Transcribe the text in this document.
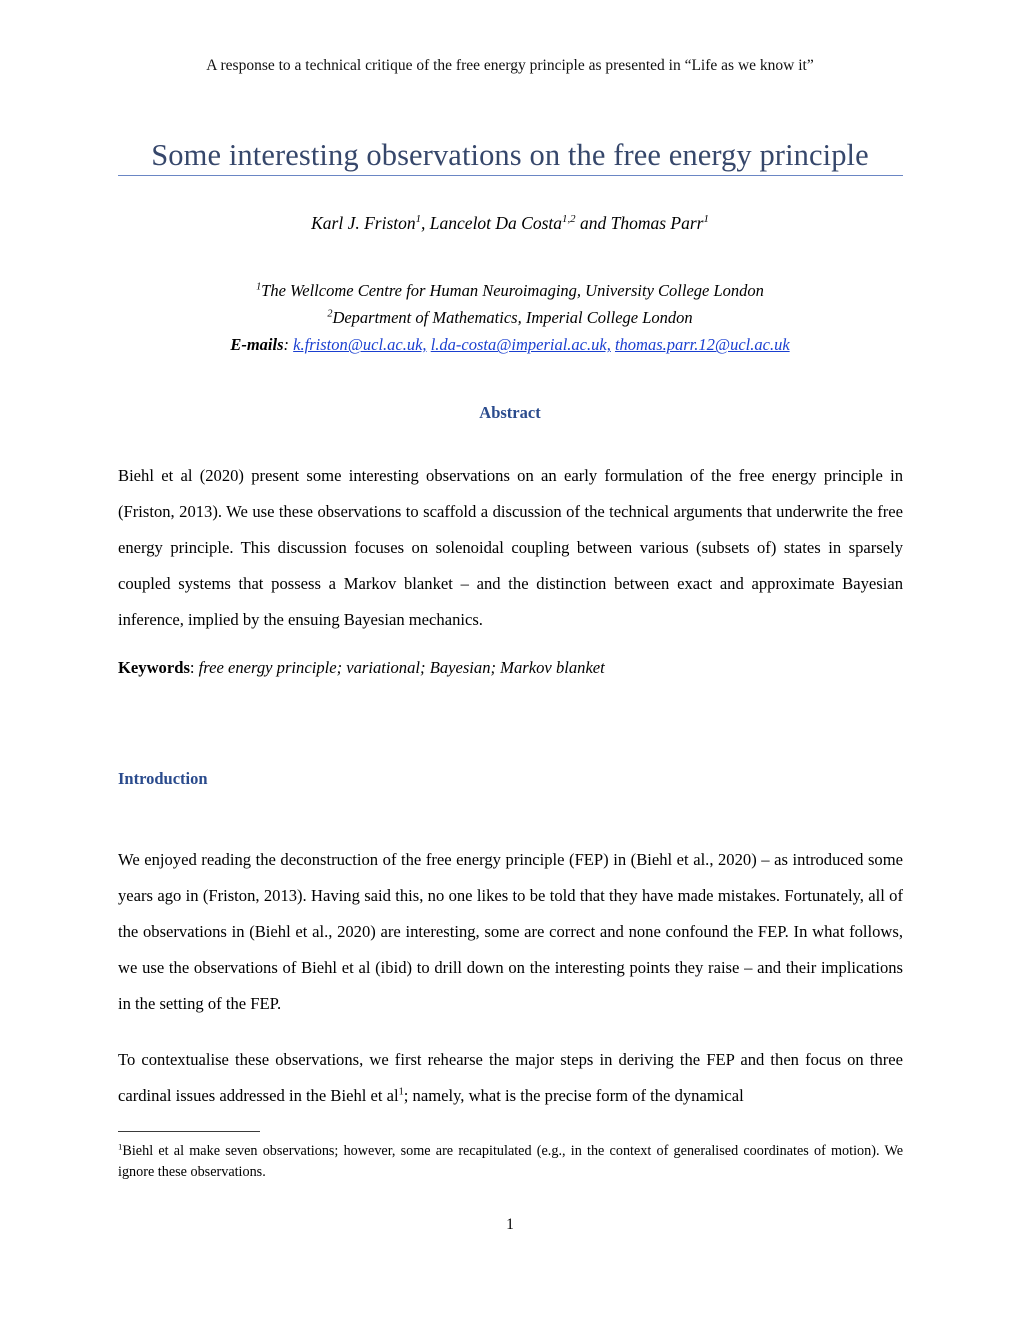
A response to a technical critique of the free energy principle as presented in “Life as we know it”
Some interesting observations on the free energy principle
Karl J. Friston$^1$, Lancelot Da Costa$^{1,2}$ and Thomas Parr$^1$
$^1$The Wellcome Centre for Human Neuroimaging, University College London
$^2$Department of Mathematics, Imperial College London
E-mails: k.friston@ucl.ac.uk, l.da-costa@imperial.ac.uk, thomas.parr.12@ucl.ac.uk
Abstract
Biehl et al (2020) present some interesting observations on an early formulation of the free energy principle in (Friston, 2013). We use these observations to scaffold a discussion of the technical arguments that underwrite the free energy principle. This discussion focuses on solenoidal coupling between various (subsets of) states in sparsely coupled systems that possess a Markov blanket – and the distinction between exact and approximate Bayesian inference, implied by the ensuing Bayesian mechanics.
Keywords: free energy principle; variational; Bayesian; Markov blanket
Introduction
We enjoyed reading the deconstruction of the free energy principle (FEP) in (Biehl et al., 2020) – as introduced some years ago in (Friston, 2013). Having said this, no one likes to be told that they have made mistakes. Fortunately, all of the observations in (Biehl et al., 2020) are interesting, some are correct and none confound the FEP. In what follows, we use the observations of Biehl et al (ibid) to drill down on the interesting points they raise – and their implications in the setting of the FEP.
To contextualise these observations, we first rehearse the major steps in deriving the FEP and then focus on three cardinal issues addressed in the Biehl et $al^1$; namely, what is the precise form of the dynamical
$^1$Biehl et al make seven observations; however, some are recapitulated (e.g., in the context of generalised coordinates of motion). We ignore these observations.
1
